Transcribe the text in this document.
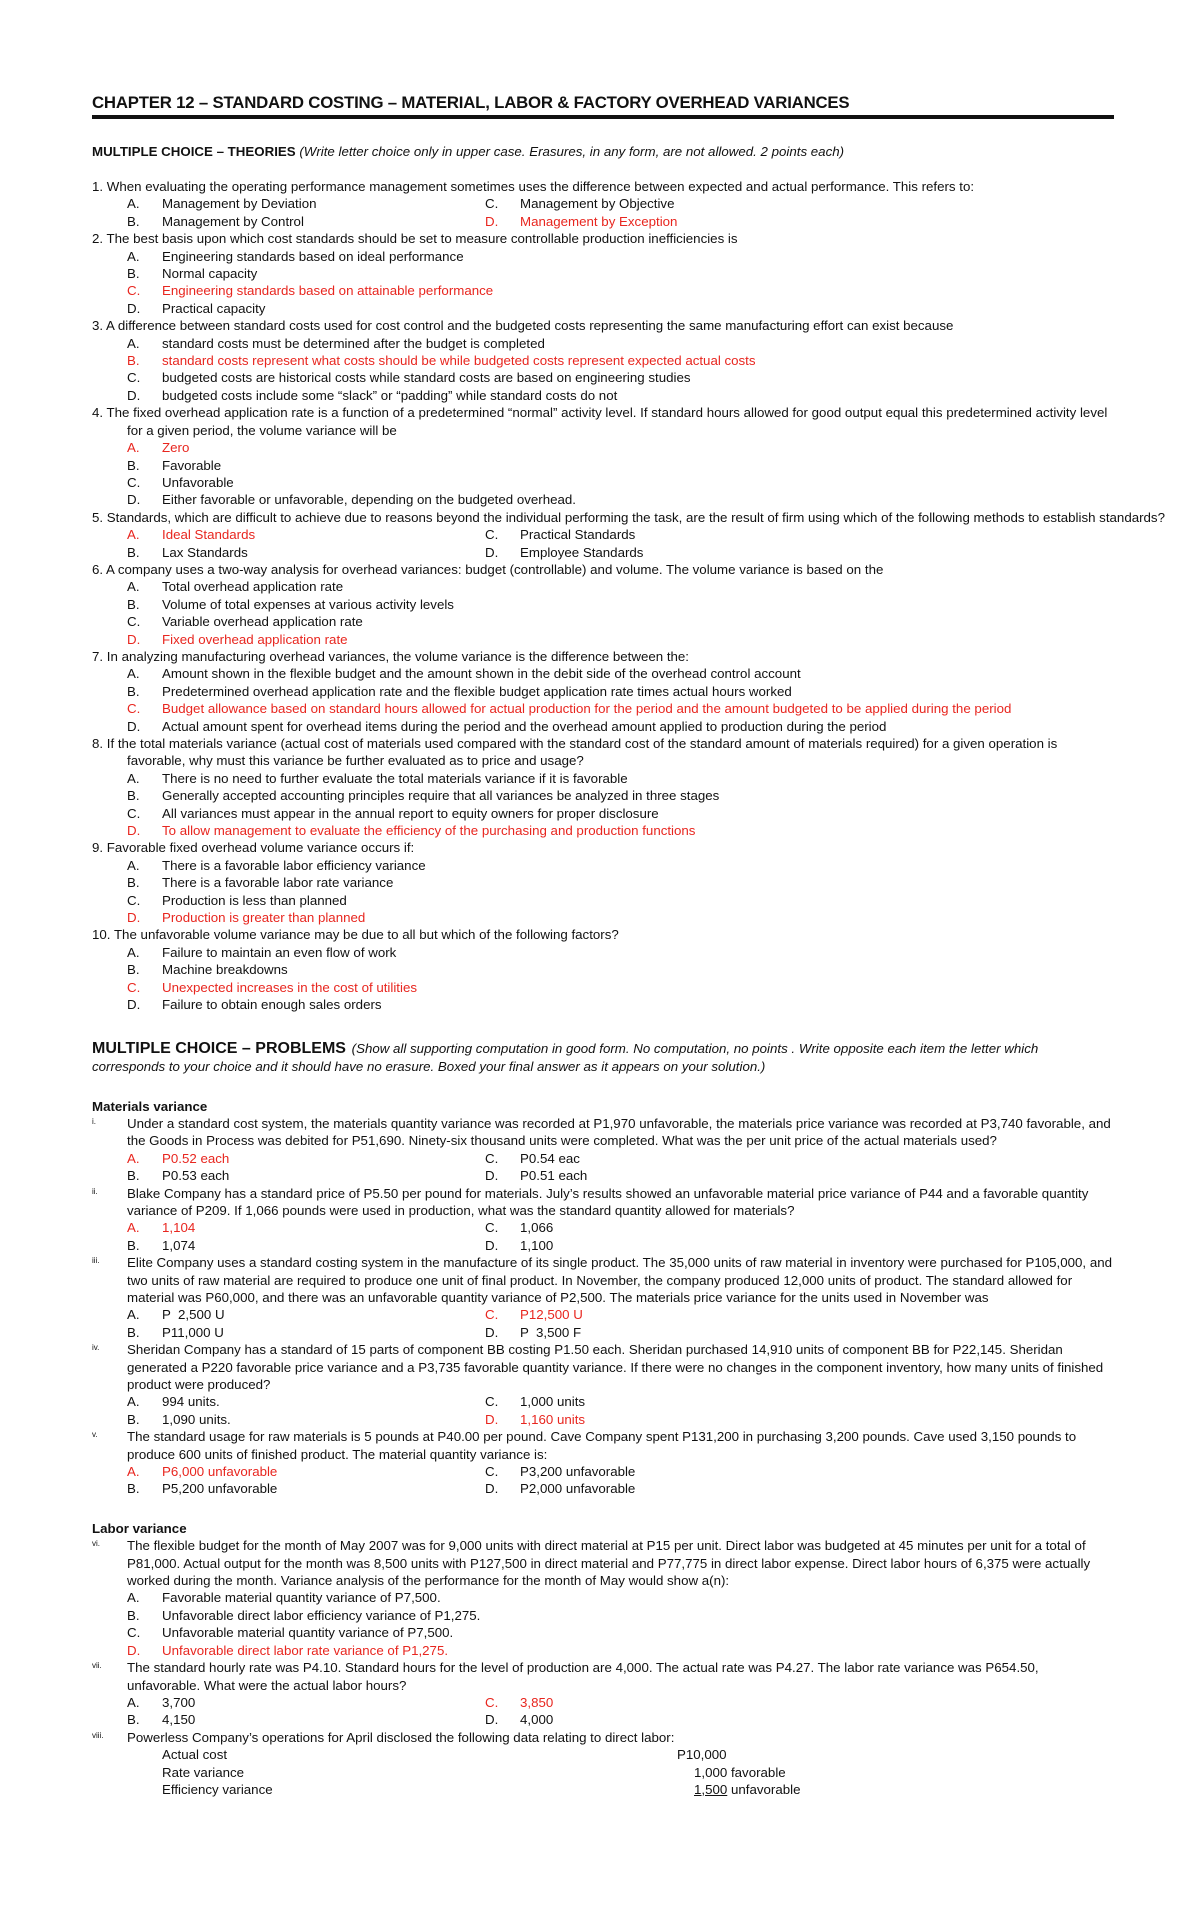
CHAPTER 12 – STANDARD COSTING – MATERIAL, LABOR & FACTORY OVERHEAD VARIANCES
MULTIPLE CHOICE – THEORIES (Write letter choice only in upper case. Erasures, in any form, are not allowed. 2 points each)
1. When evaluating the operating performance management sometimes uses the difference between expected and actual performance. This refers to:
A.	Management by Deviation	C.	Management by Objective
B.	Management by Control	D.	Management by Exception
2. The best basis upon which cost standards should be set to measure controllable production inefficiencies is
A.	Engineering standards based on ideal performance
B.	Normal capacity
C.	Engineering standards based on attainable performance
D.	Practical capacity
3. A difference between standard costs used for cost control and the budgeted costs representing the same manufacturing effort can exist because
A.	standard costs must be determined after the budget is completed
B.	standard costs represent what costs should be while budgeted costs represent expected actual costs
C.	budgeted costs are historical costs while standard costs are based on engineering studies
D.	budgeted costs include some “slack” or “padding” while standard costs do not
4. The fixed overhead application rate is a function of a predetermined “normal” activity level. If standard hours allowed for good output equal this predetermined activity level for a given period, the volume variance will be
A.	Zero
B.	Favorable
C.	Unfavorable
D.	Either favorable or unfavorable, depending on the budgeted overhead.
5. Standards, which are difficult to achieve due to reasons beyond the individual performing the task, are the result of firm using which of the following methods to establish standards?
A.	Ideal Standards	C.	Practical Standards
B.	Lax Standards	D.	Employee Standards
6. A company uses a two-way analysis for overhead variances: budget (controllable) and volume. The volume variance is based on the
A.	Total overhead application rate
B.	Volume of total expenses at various activity levels
C.	Variable overhead application rate
D.	Fixed overhead application rate
7. In analyzing manufacturing overhead variances, the volume variance is the difference between the:
A.	Amount shown in the flexible budget and the amount shown in the debit side of the overhead control account
B.	Predetermined overhead application rate and the flexible budget application rate times actual hours worked
C.	Budget allowance based on standard hours allowed for actual production for the period and the amount budgeted to be applied during the period
D.	Actual amount spent for overhead items during the period and the overhead amount applied to production during the period
8. If the total materials variance (actual cost of materials used compared with the standard cost of the standard amount of materials required) for a given operation is favorable, why must this variance be further evaluated as to price and usage?
A.	There is no need to further evaluate the total materials variance if it is favorable
B.	Generally accepted accounting principles require that all variances be analyzed in three stages
C.	All variances must appear in the annual report to equity owners for proper disclosure
D.	To allow management to evaluate the efficiency of the purchasing and production functions
9. Favorable fixed overhead volume variance occurs if:
A.	There is a favorable labor efficiency variance
B.	There is a favorable labor rate variance
C.	Production is less than planned
D.	Production is greater than planned
10. The unfavorable volume variance may be due to all but which of the following factors?
A.	Failure to maintain an even flow of work
B.	Machine breakdowns
C.	Unexpected increases in the cost of utilities
D.	Failure to obtain enough sales orders
MULTIPLE CHOICE – PROBLEMS (Show all supporting computation in good form. No computation, no points . Write opposite each item the letter which corresponds to your choice and it should have no erasure. Boxed your final answer as it appears on your solution.)
Materials variance
i.	Under a standard cost system, the materials quantity variance was recorded at P1,970 unfavorable, the materials price variance was recorded at P3,740 favorable, and the Goods in Process was debited for P51,690. Ninety-six thousand units were completed. What was the per unit price of the actual materials used?
A.	P0.52 each	C.	P0.54 eac
B.	P0.53 each	D.	P0.51 each
ii.	Blake Company has a standard price of P5.50 per pound for materials. July’s results showed an unfavorable material price variance of P44 and a favorable quantity variance of P209. If 1,066 pounds were used in production, what was the standard quantity allowed for materials?
A.	1,104	C.	1,066
B.	1,074	D.	1,100
iii.	Elite Company uses a standard costing system in the manufacture of its single product. The 35,000 units of raw material in inventory were purchased for P105,000, and two units of raw material are required to produce one unit of final product. In November, the company produced 12,000 units of product. The standard allowed for material was P60,000, and there was an unfavorable quantity variance of P2,500. The materials price variance for the units used in November was
A.	P  2,500 U	C.	P12,500 U
B.	P11,000 U	D.	P  3,500 F
iv.	Sheridan Company has a standard of 15 parts of component BB costing P1.50 each. Sheridan purchased 14,910 units of component BB for P22,145. Sheridan generated a P220 favorable price variance and a P3,735 favorable quantity variance. If there were no changes in the component inventory, how many units of finished product were produced?
A.	994 units.	C.	1,000 units
B.	1,090 units.	D.	1,160 units
v.	The standard usage for raw materials is 5 pounds at P40.00 per pound. Cave Company spent P131,200 in purchasing 3,200 pounds. Cave used 3,150 pounds to produce 600 units of finished product. The material quantity variance is:
A.	P6,000 unfavorable	C.	P3,200 unfavorable
B.	P5,200 unfavorable	D.	P2,000 unfavorable
Labor variance
vi.	The flexible budget for the month of May 2007 was for 9,000 units with direct material at P15 per unit. Direct labor was budgeted at 45 minutes per unit for a total of P81,000. Actual output for the month was 8,500 units with P127,500 in direct material and P77,775 in direct labor expense. Direct labor hours of 6,375 were actually worked during the month. Variance analysis of the performance for the month of May would show a(n):
A.	Favorable material quantity variance of P7,500.
B.	Unfavorable direct labor efficiency variance of P1,275.
C.	Unfavorable material quantity variance of P7,500.
D.	Unfavorable direct labor rate variance of P1,275.
vii.	The standard hourly rate was P4.10. Standard hours for the level of production are 4,000. The actual rate was P4.27. The labor rate variance was P654.50, unfavorable. What were the actual labor hours?
A.	3,700	C.	3,850
B.	4,150	D.	4,000
viii.	Powerless Company’s operations for April disclosed the following data relating to direct labor:
Actual cost	P10,000
Rate variance	1,000 favorable
Efficiency variance	1,500 unfavorable
